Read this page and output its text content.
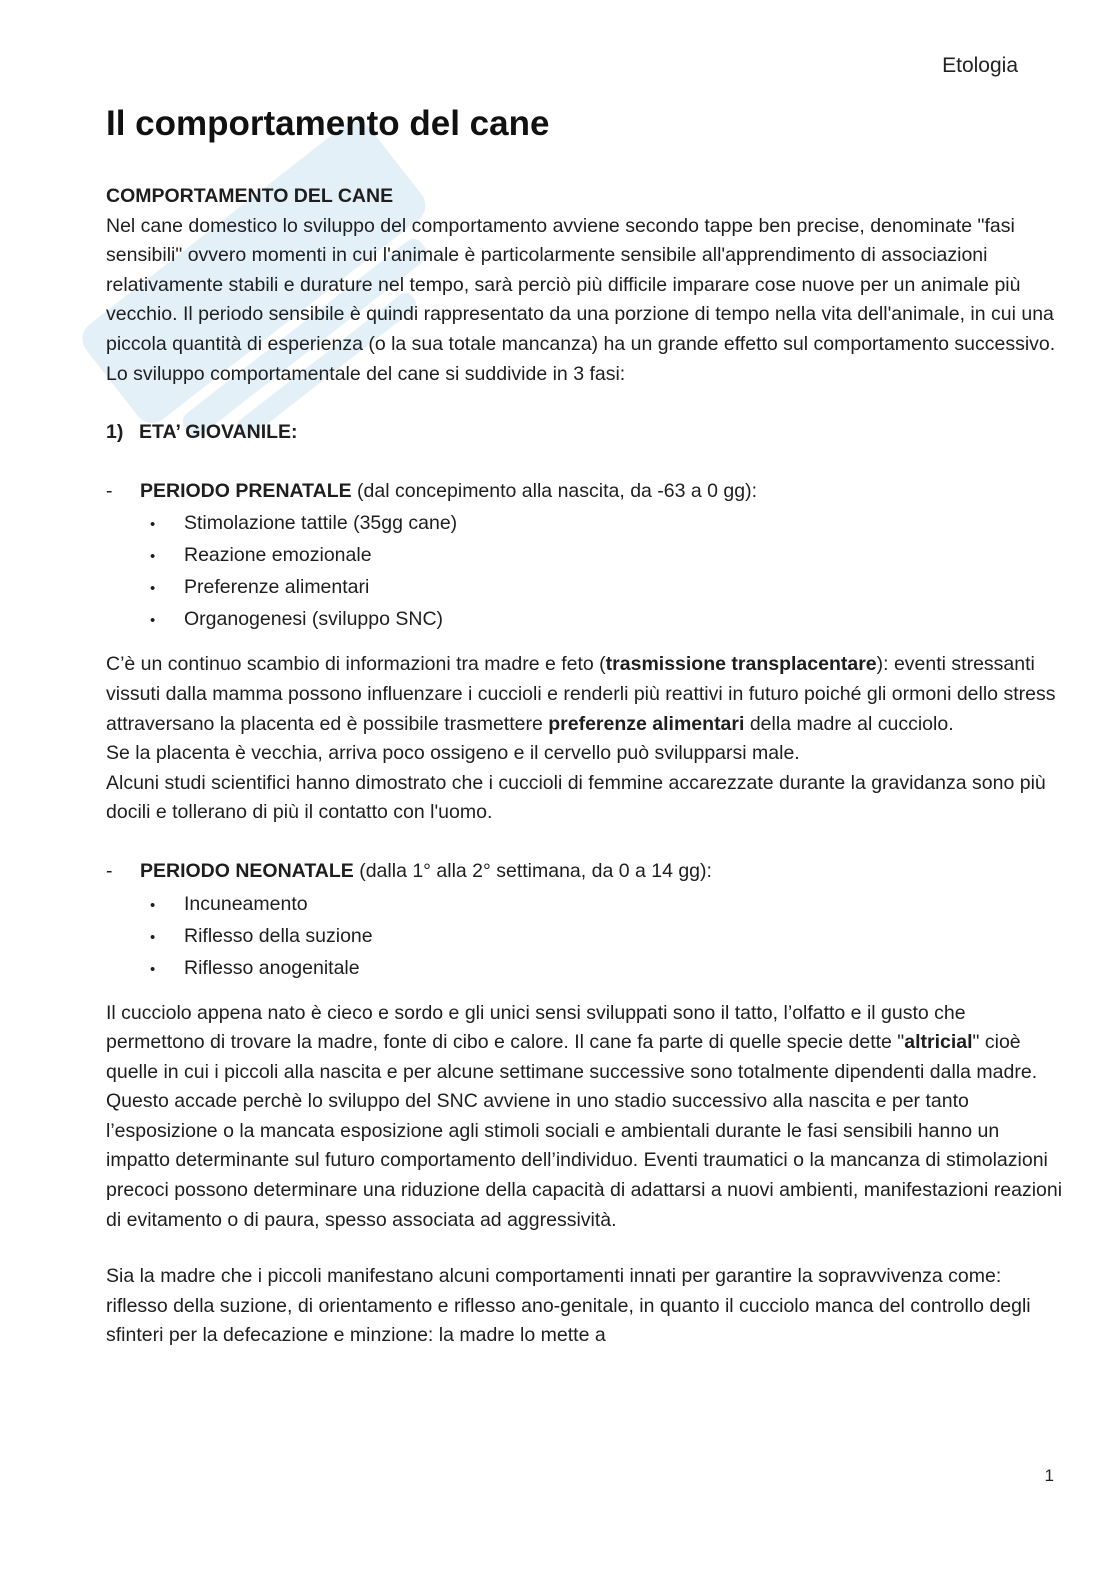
Etologia
Il comportamento del cane

COMPORTAMENTO DEL CANE

Nel cane domestico lo sviluppo del comportamento avviene secondo tappe ben precise, denominate "fasi sensibili" ovvero momenti in cui l'animale è particolarmente sensibile all'apprendimento di associazioni relativamente stabili e durature nel tempo, sarà perciò più difficile imparare cose nuove per un animale più vecchio. Il periodo sensibile è quindi rappresentato da una porzione di tempo nella vita dell'animale, in cui una piccola quantità di esperienza (o la sua totale mancanza) ha un grande effetto sul comportamento successivo.

Lo sviluppo comportamentale del cane si suddivide in 3 fasi:

1) ETA’ GIOVANILE:

- PERIODO PRENATALE (dal concepimento alla nascita, da -63 a 0 gg):

• Stimolazione tattile (35gg cane)
• Reazione emozionale
• Preferenze alimentari
• Organogenesi (sviluppo SNC)

C’è un continuo scambio di informazioni tra madre e feto (trasmissione transplacentare): eventi stressanti vissuti dalla mamma possono influenzare i cuccioli e renderli più reattivi in futuro poiché gli ormoni dello stress attraversano la placenta ed è possibile trasmettere preferenze alimentari della madre al cucciolo.

Se la placenta è vecchia, arriva poco ossigeno e il cervello può svilupparsi male.

Alcuni studi scientifici hanno dimostrato che i cuccioli di femmine accarezzate durante la gravidanza sono più docili e tollerano di più il contatto con l'uomo.

- PERIODO NEONATALE (dalla 1° alla 2° settimana, da 0 a 14 gg):

• Incuneamento
• Riflesso della suzione
• Riflesso anogenitale

Il cucciolo appena nato è cieco e sordo e gli unici sensi sviluppati sono il tatto, l’olfatto e il gusto che permettono di trovare la madre, fonte di cibo e calore. Il cane fa parte di quelle specie dette "altricial" cioè quelle in cui i piccoli alla nascita e per alcune settimane successive sono totalmente dipendenti dalla madre. Questo accade perchè lo sviluppo del SNC avviene in uno stadio successivo alla nascita e per tanto l’esposizione o la mancata esposizione agli stimoli sociali e ambientali durante le fasi sensibili hanno un impatto determinante sul futuro comportamento dell’individuo. Eventi traumatici o la mancanza di stimolazioni precoci possono determinare una riduzione della capacità di adattarsi a nuovi ambienti, manifestazioni reazioni di evitamento o di paura, spesso associata ad aggressività.

Sia la madre che i piccoli manifestano alcuni comportamenti innati per garantire la sopravvivenza come: riflesso della suzione, di orientamento e riflesso ano-genitale, in quanto il cucciolo manca del controllo degli sfinteri per la defecazione e minzione: la madre lo mette a

1
